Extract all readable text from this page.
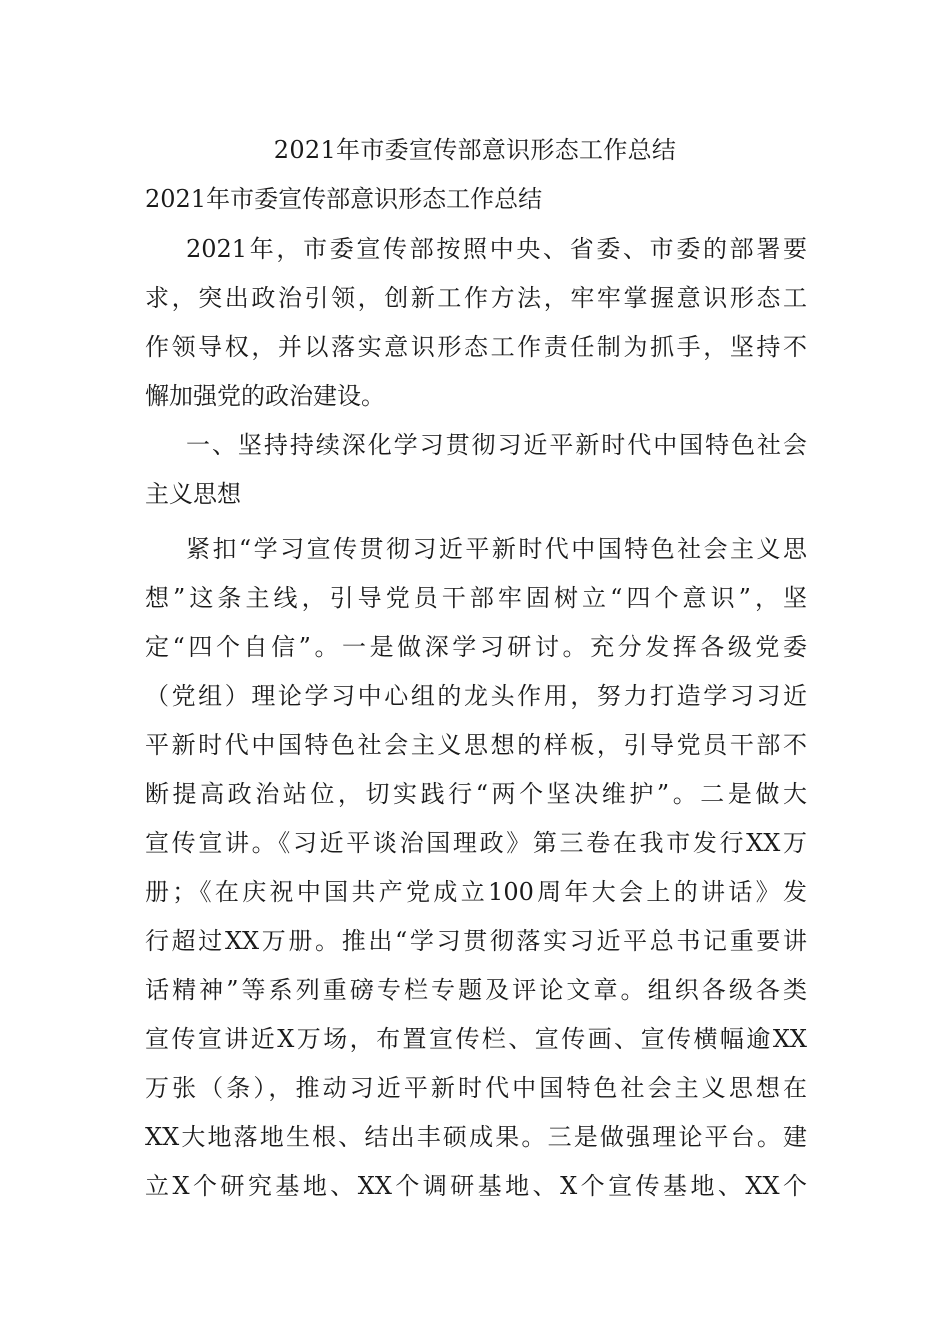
2021年市委宣传部意识形态工作总结
2021年市委宣传部意识形态工作总结
2021年，市委宣传部按照中央、省委、市委的部署要
求，突出政治引领，创新工作方法，牢牢掌握意识形态工
作领导权，并以落实意识形态工作责任制为抓手，坚持不
懈加强党的政治建设。
一、坚持持续深化学习贯彻习近平新时代中国特色社会
主义思想
紧扣“学习宣传贯彻习近平新时代中国特色社会主义思
想”这条主线，引导党员干部牢固树立“四个意识”，坚
定“四个自信”。一是做深学习研讨。充分发挥各级党委
（党组）理论学习中心组的龙头作用，努力打造学习习近
平新时代中国特色社会主义思想的样板，引导党员干部不
断提高政治站位，切实践行“两个坚决维护”。二是做大
宣传宣讲。《习近平谈治国理政》第三卷在我市发行XX万
册；《在庆祝中国共产党成立100周年大会上的讲话》发
行超过XX万册。推出“学习贯彻落实习近平总书记重要讲
话精神”等系列重磅专栏专题及评论文章。组织各级各类
宣传宣讲近X万场，布置宣传栏、宣传画、宣传横幅逾XX
万张（条），推动习近平新时代中国特色社会主义思想在
XX大地落地生根、结出丰硕成果。三是做强理论平台。建
立X个研究基地、XX个调研基地、X个宣传基地、XX个
